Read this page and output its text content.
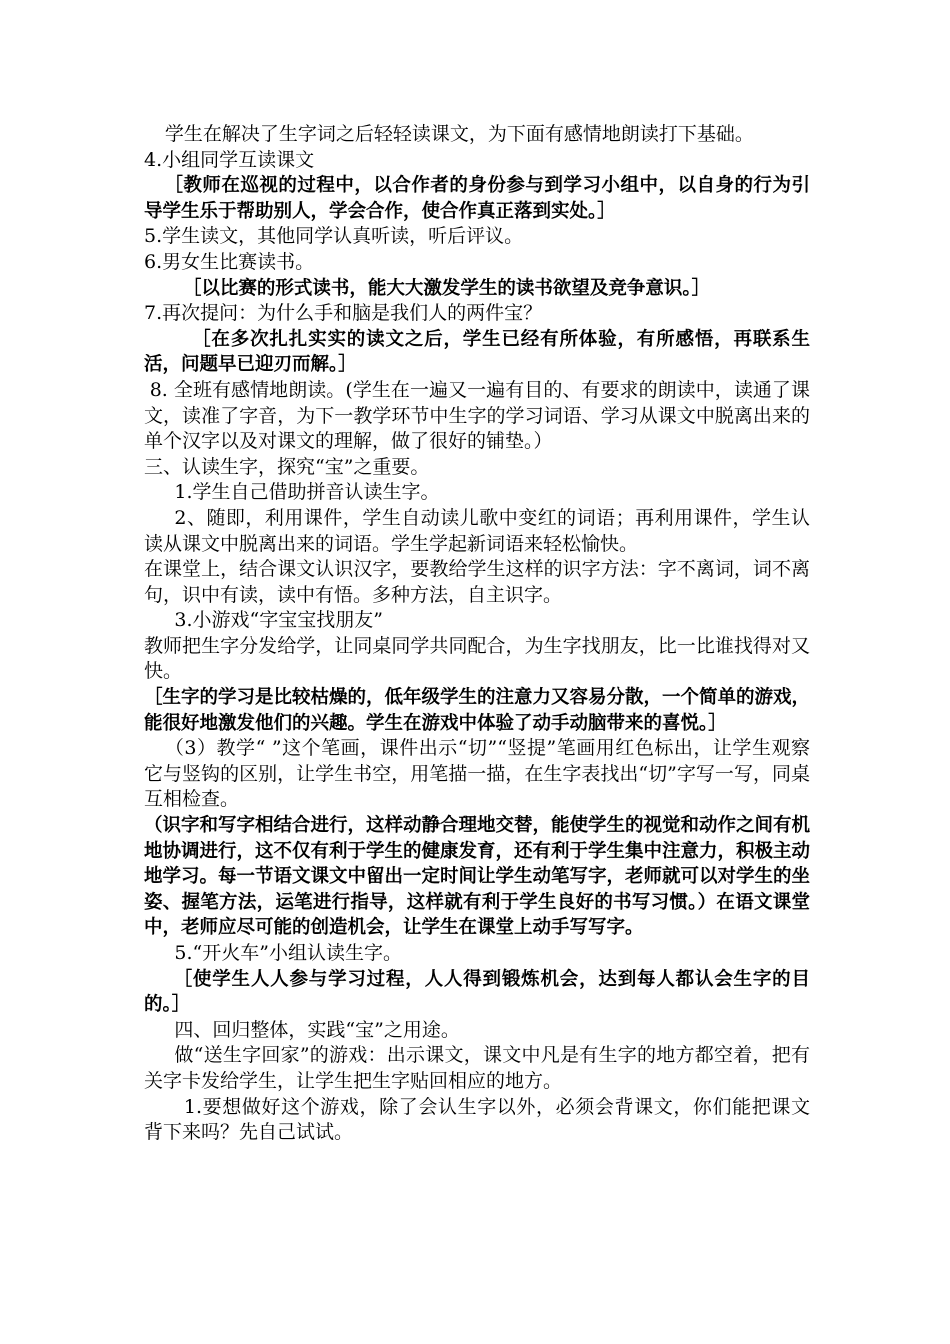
学生在解决了生字词之后轻轻读课文，为下面有感情地朗读打下基础。

4.小组同学互读课文

［教师在巡视的过程中，以合作者的身份参与到学习小组中，以自身的行为引导学生乐于帮助别人，学会合作，使合作真正落到实处。］

5.学生读文，其他同学认真听读，听后评议。

6.男女生比赛读书。

［以比赛的形式读书，能大大激发学生的读书欲望及竞争意识。］

7.再次提问：为什么手和脑是我们人的两件宝？

［在多次扎扎实实的读文之后，学生已经有所体验，有所感悟，再联系生活，问题早已迎刃而解。］

8. 全班有感情地朗读。(学生在一遍又一遍有目的、有要求的朗读中，读通了课文，读准了字音，为下一教学环节中生字的学习词语、学习从课文中脱离出来的单个汉字以及对课文的理解，做了很好的铺垫。）

三、认读生字，探究“宝”之重要。

1.学生自己借助拼音认读生字。

2、随即，利用课件，学生自动读儿歌中变红的词语；再利用课件，学生认读从课文中脱离出来的词语。学生学起新词语来轻松愉快。

在课堂上，结合课文认识汉字，要教给学生这样的识字方法：字不离词，词不离句，识中有读，读中有悟。多种方法，自主识字。

3.小游戏“字宝宝找朋友”

教师把生字分发给学，让同桌同学共同配合，为生字找朋友，比一比谁找得对又快。

［生字的学习是比较枯燥的，低年级学生的注意力又容易分散，一个简单的游戏，能很好地激发他们的兴趣。学生在游戏中体验了动手动脑带来的喜悦。］

（3）教学“ ”这个笔画，课件出示“切”“竖提”笔画用红色标出，让学生观察它与竖钩的区别，让学生书空，用笔描一描，在生字表找出“切”字写一写，同桌互相检查。

（识字和写字相结合进行，这样动静合理地交替，能使学生的视觉和动作之间有机地协调进行，这不仅有利于学生的健康发育，还有利于学生集中注意力，积极主动地学习。每一节语文课文中留出一定时间让学生动笔写字，老师就可以对学生的坐姿、握笔方法，运笔进行指导，这样就有利于学生良好的书写习惯。）在语文课堂中，老师应尽可能的创造机会，让学生在课堂上动手写写字。

5.“开火车”小组认读生字。

［使学生人人参与学习过程，人人得到锻炼机会，达到每人都认会生字的目的。］

四、回归整体，实践“宝”之用途。

做“送生字回家”的游戏：出示课文，课文中凡是有生字的地方都空着，把有关字卡发给学生，让学生把生字贴回相应的地方。

1.要想做好这个游戏，除了会认生字以外，必须会背课文，你们能把课文背下来吗？先自己试试。
